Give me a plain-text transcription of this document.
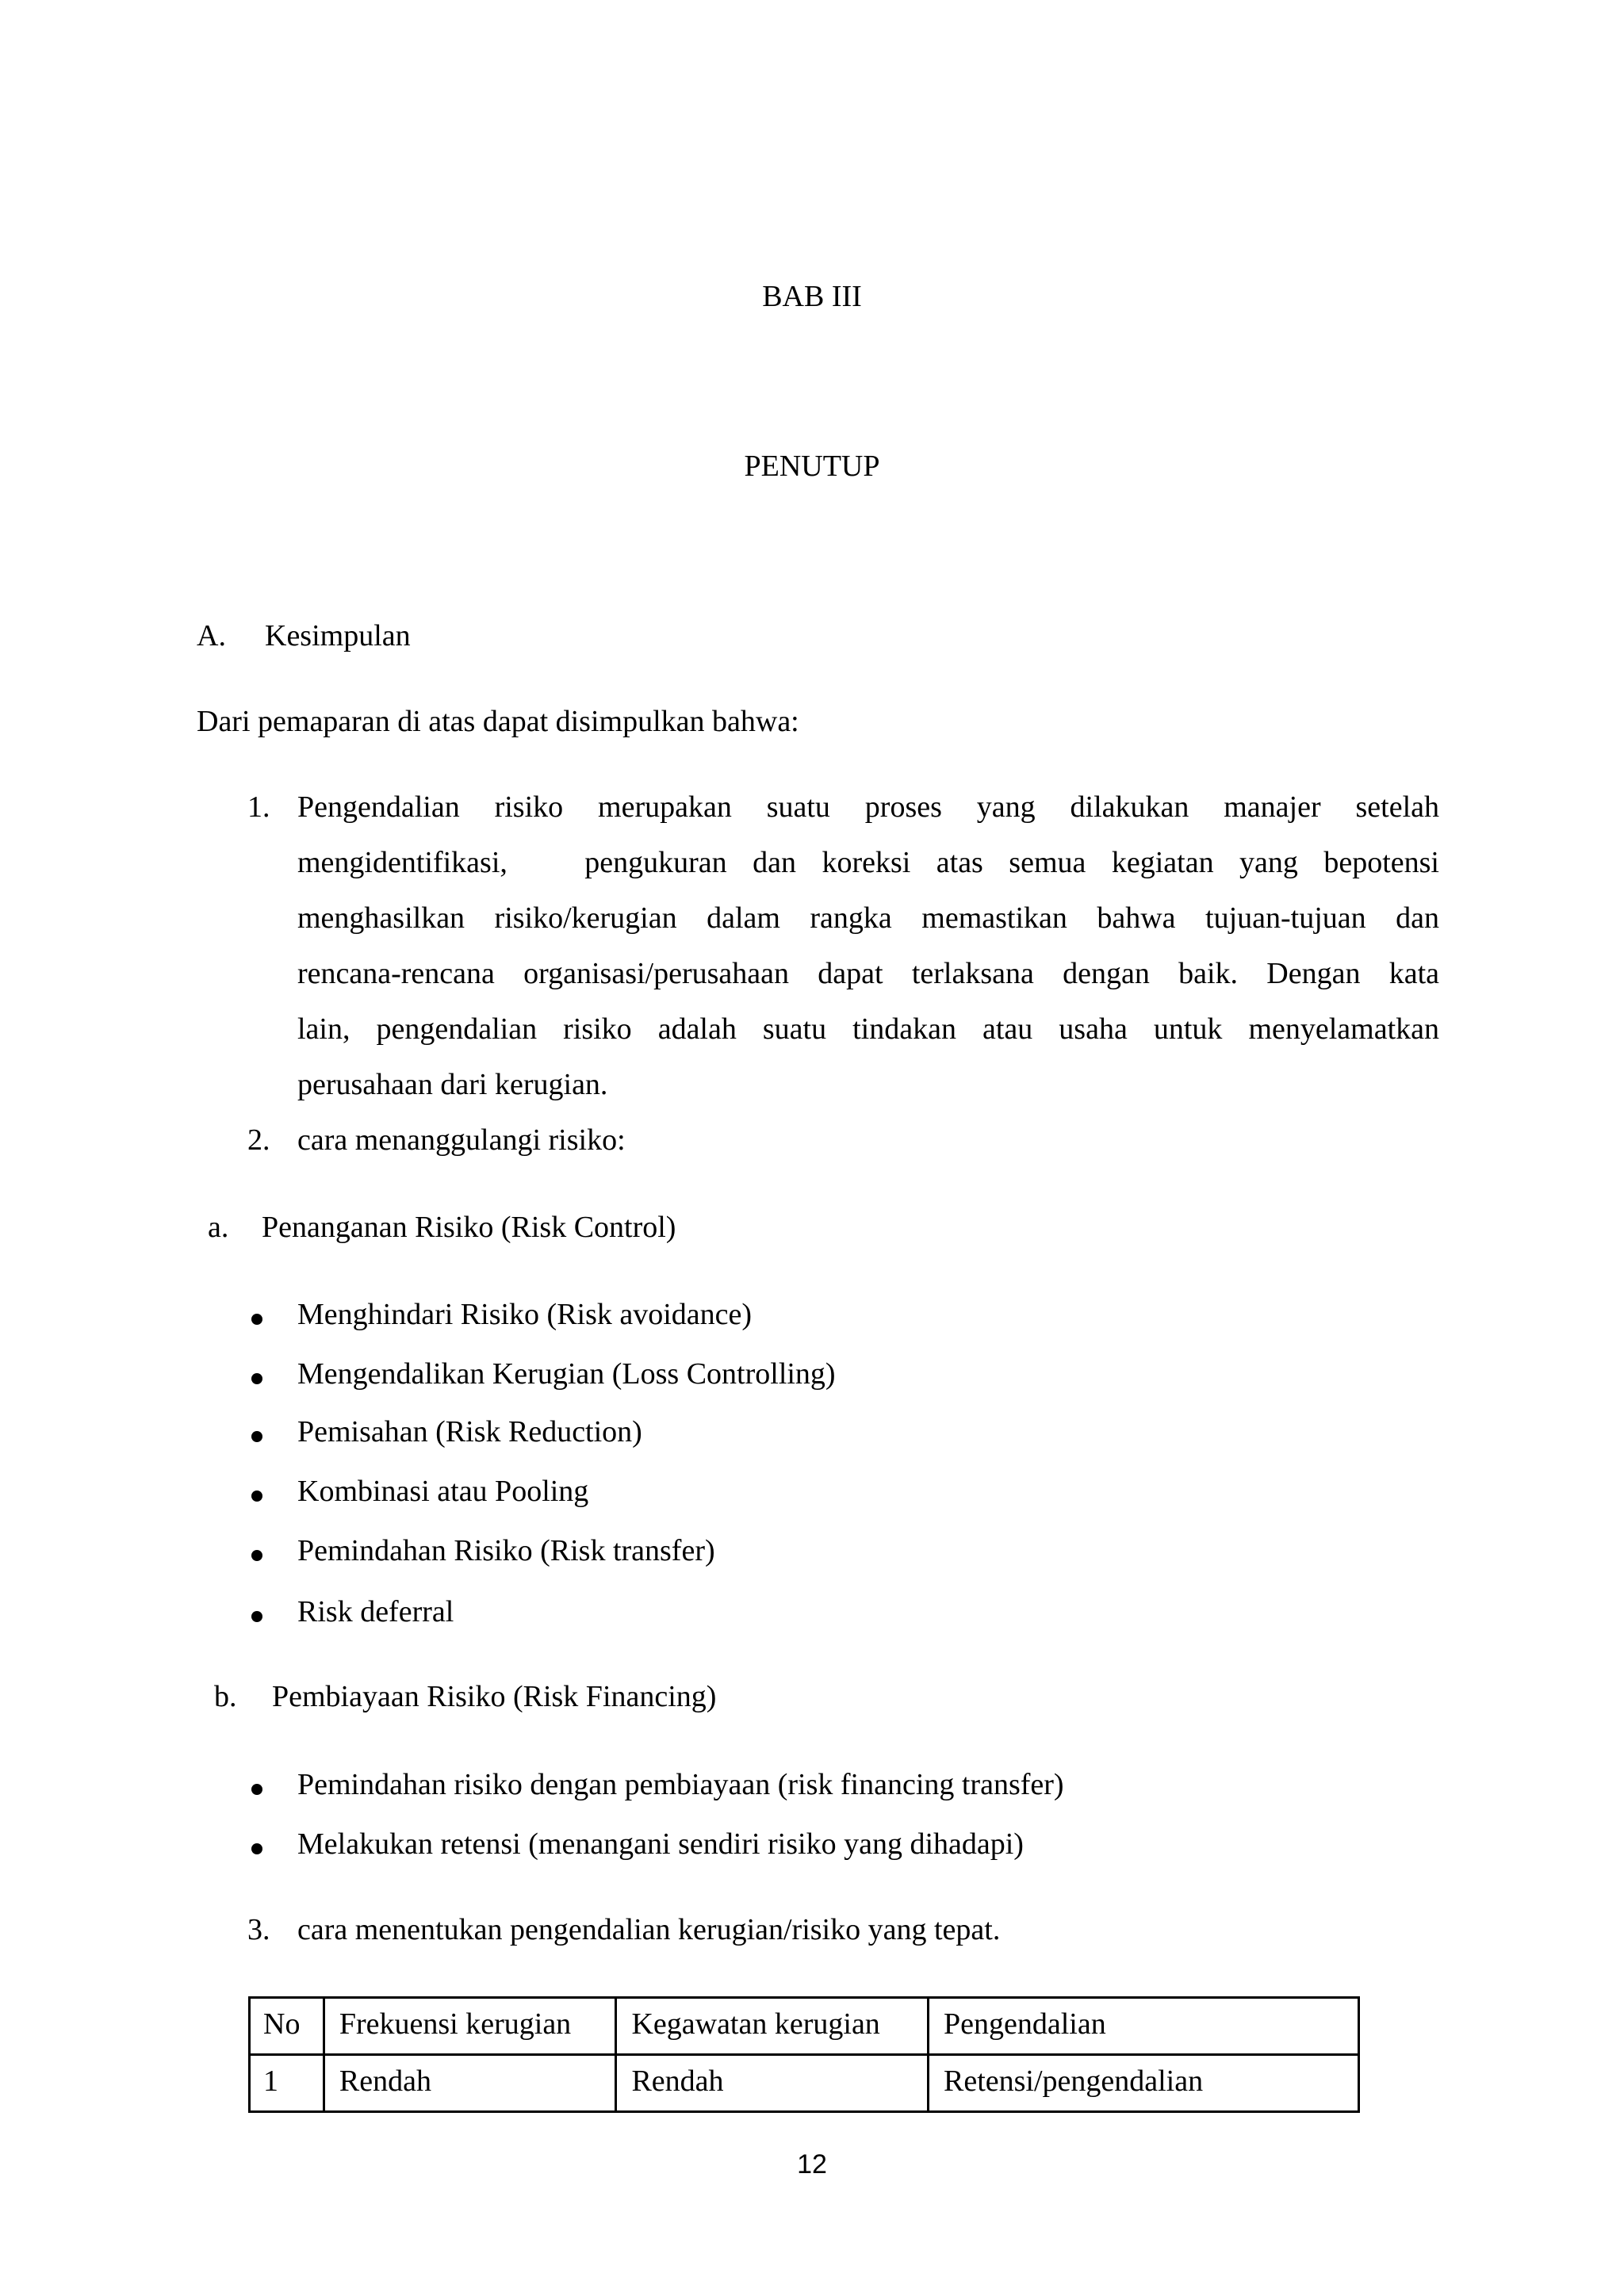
BAB III
PENUTUP
A. Kesimpulan
Dari pemaparan di atas dapat disimpulkan bahwa:
1. Pengendalian risiko merupakan suatu proses yang dilakukan manajer setelah
mengidentifikasi,   pengukuran dan koreksi atas semua kegiatan yang bepotensi
menghasilkan risiko/kerugian dalam rangka memastikan bahwa tujuan-tujuan dan
rencana-rencana organisasi/perusahaan dapat terlaksana dengan baik. Dengan kata
lain, pengendalian risiko adalah suatu tindakan atau usaha untuk menyelamatkan
perusahaan dari kerugian.
2. cara menanggulangi risiko:
a. Penanganan Risiko (Risk Control)
Menghindari Risiko (Risk avoidance)
Mengendalikan Kerugian (Loss Controlling)
Pemisahan (Risk Reduction)
Kombinasi atau Pooling
Pemindahan Risiko (Risk transfer)
Risk deferral
b. Pembiayaan Risiko (Risk Financing)
Pemindahan risiko dengan pembiayaan (risk financing transfer)
Melakukan retensi (menangani sendiri risiko yang dihadapi)
3. cara menentukan pengendalian kerugian/risiko yang tepat.
No	Frekuensi kerugian	Kegawatan kerugian	Pengendalian
1	Rendah	Rendah	Retensi/pengendalian
12
